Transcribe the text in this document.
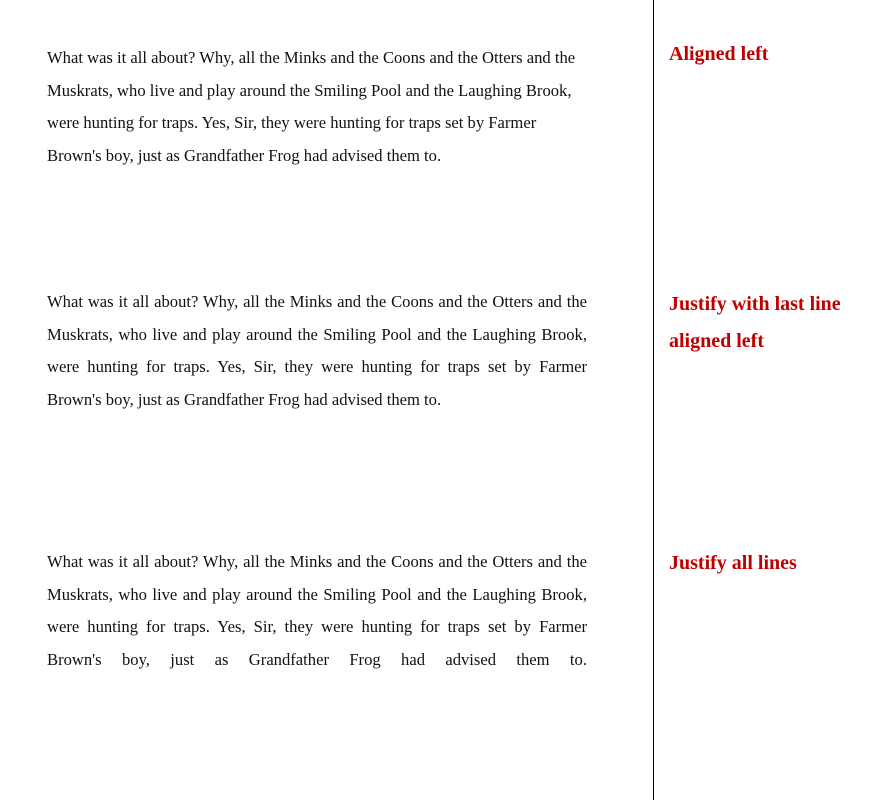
What was it all about? Why, all the Minks and the Coons and the Otters and the Muskrats, who live and play around the Smiling Pool and the Laughing Brook, were hunting for traps. Yes, Sir, they were hunting for traps set by Farmer Brown's boy, just as Grandfather Frog had advised them to.

What was it all about? Why, all the Minks and the Coons and the Otters and the Muskrats, who live and play around the Smiling Pool and the Laughing Brook, were hunting for traps. Yes, Sir, they were hunting for traps set by Farmer Brown's boy, just as Grandfather Frog had advised them to.

What was it all about? Why, all the Minks and the Coons and the Otters and the Muskrats, who live and play around the Smiling Pool and the Laughing Brook, were hunting for traps. Yes, Sir, they were hunting for traps set by Farmer Brown's boy, just as Grandfather Frog had advised them to.

Aligned left

Justify with last line aligned left

Justify all lines
